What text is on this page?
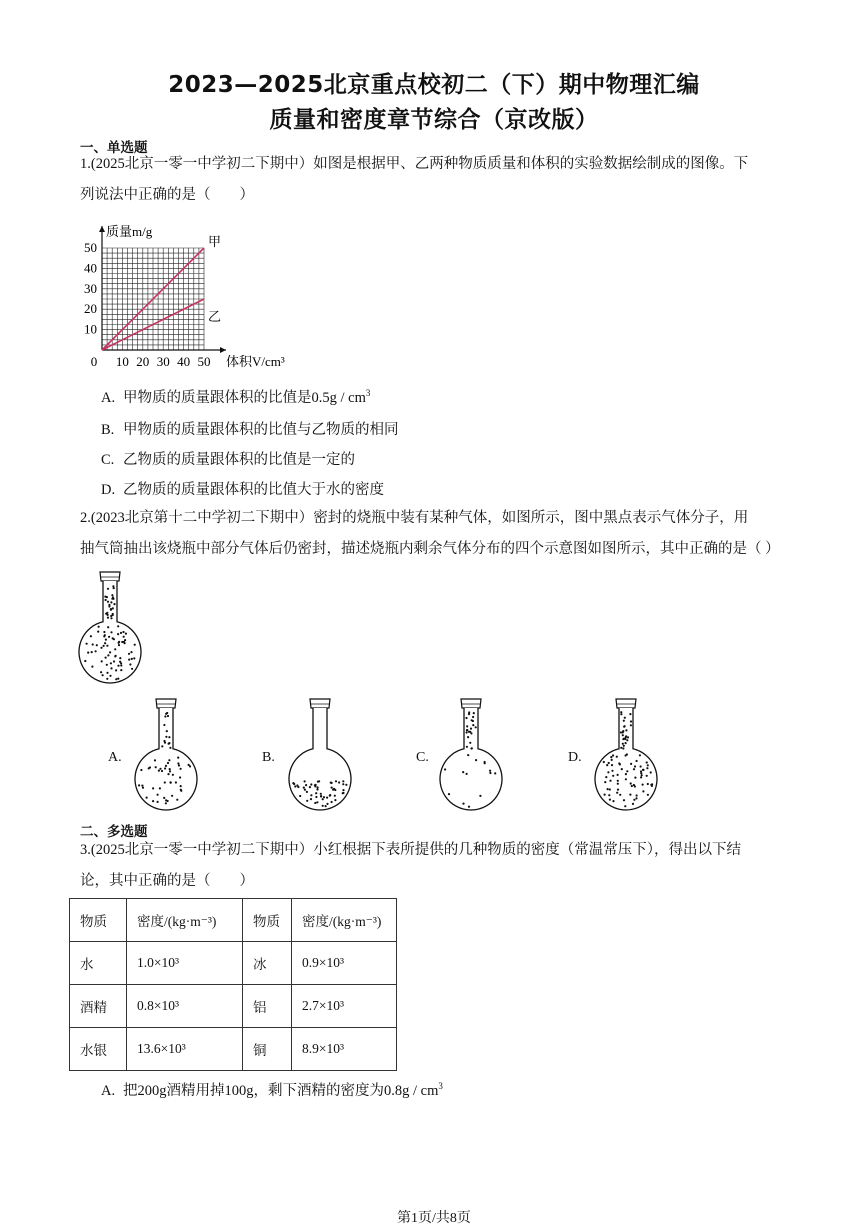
2023—2025北京重点校初二（下）期中物理汇编
质量和密度章节综合（京改版）
一、单选题
1.(2025北京一零一中学初二下期中）如图是根据甲、乙两种物质质量和体积的实验数据绘制成的图像。下
列说法中正确的是（　　）
10 20 30 40 50
10
20
30
40
50
0
质量m/g
体积V/cm³
甲
乙
A. 甲物质的质量跟体积的比值是$0.5g / cm^3$
B. 甲物质的质量跟体积的比值与乙物质的相同
C. 乙物质的质量跟体积的比值是一定的
D. 乙物质的质量跟体积的比值大于水的密度
2.(2023北京第十二中学初二下期中）密封的烧瓶中装有某种气体，如图所示，图中黑点表示气体分子，用
抽气筒抽出该烧瓶中部分气体后仍密封，描述烧瓶内剩余气体分布的四个示意图如图所示，其中正确的是（ ）
A.	B.	C.	D.
二、多选题
3.(2025北京一零一中学初二下期中）小红根据下表所提供的几种物质的密度（常温常压下），得出以下结
论，其中正确的是（　　）
物质	密度/(kg·m⁻³)	物质	密度/(kg·m⁻³)
水	1.0×10³	冰	0.9×10³
酒精	0.8×10³	铝	2.7×10³
水银	13.6×10³	铜	8.9×10³
A. 把200g酒精用掉100g，剩下酒精的密度为$0.8g / cm^3$
第1页/共8页
